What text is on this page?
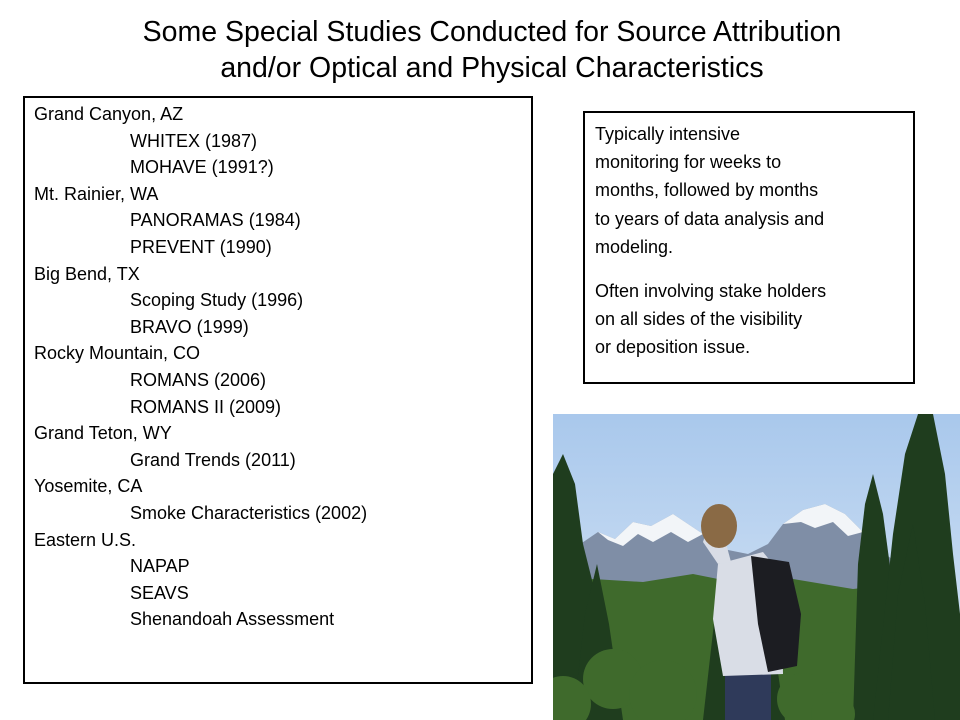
Some Special Studies Conducted for Source Attribution
and/or Optical and Physical Characteristics
Grand Canyon, AZ
WHITEX (1987)
MOHAVE (1991?)
Mt. Rainier, WA
PANORAMAS (1984)
PREVENT (1990)
Big Bend, TX
Scoping Study (1996)
BRAVO (1999)
Rocky Mountain, CO
ROMANS (2006)
ROMANS II (2009)
Grand Teton, WY
Grand Trends (2011)
Yosemite, CA
Smoke Characteristics (2002)
Eastern U.S.
NAPAP
SEAVS
Shenandoah Assessment

Typically intensive
monitoring for weeks to
months, followed by months
to years of data analysis and
modeling.

Often involving stake holders
on all sides of the visibility
or deposition issue.
